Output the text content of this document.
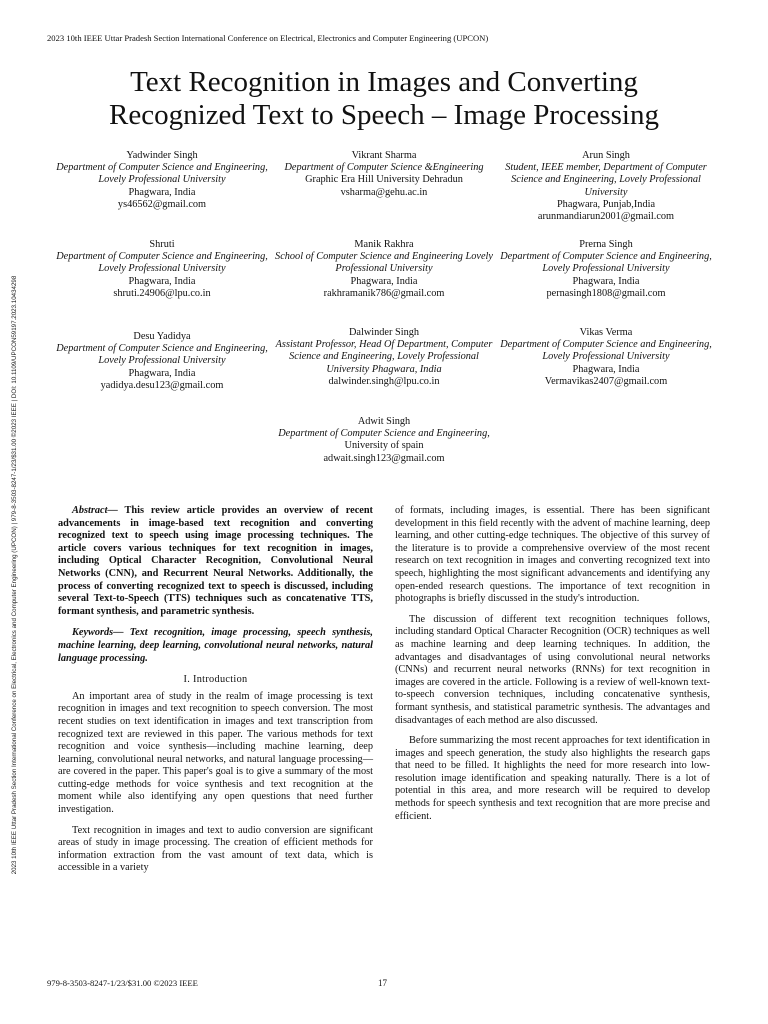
2023 10th IEEE Uttar Pradesh Section International Conference on Electrical, Electronics and Computer Engineering (UPCON)
2023 10th IEEE Uttar Pradesh Section International Conference on Electrical, Electronics and Computer Engineering (UPCON) | 979-8-3503-8247-1/23/$31.00 ©2023 IEEE | DOI: 10.1109/UPCON59197.2023.10434298
Text Recognition in Images and Converting
Recognized Text to Speech – Image Processing
Yadwinder Singh
Department of Computer Science and Engineering, Lovely Professional University
Phagwara, India
ys46562@gmail.com
Vikrant Sharma
Department of Computer Science &Engineering
Graphic Era Hill University Dehradun
vsharma@gehu.ac.in
Arun Singh
Student, IEEE member, Department of Computer Science and Engineering, Lovely Professional University
Phagwara, Punjab,India
arunmandiarun2001@gmail.com
Shruti
Department of Computer Science and Engineering, Lovely Professional University
Phagwara, India
shruti.24906@lpu.co.in
Manik Rakhra
School of Computer Science and Engineering Lovely Professional University
Phagwara, India
rakhramanik786@gmail.com
Prerna Singh
Department of Computer Science and Engineering, Lovely Professional University
Phagwara, India
pernasingh1808@gmail.com
Desu Yadidya
Department of Computer Science and Engineering, Lovely Professional University
Phagwara, India
yadidya.desu123@gmail.com
Dalwinder Singh
Assistant Professor, Head Of Department, Computer Science and Engineering, Lovely Professional University Phagwara, India
dalwinder.singh@lpu.co.in
Vikas Verma
Department of Computer Science and Engineering, Lovely Professional University
Phagwara, India
Vermavikas2407@gmail.com
Adwit Singh
Department of Computer Science and Engineering,
University of spain
adwait.singh123@gmail.com

Abstract— This review article provides an overview of recent advancements in image-based text recognition and converting recognized text to speech using image processing techniques. The article covers various techniques for text recognition in images, including Optical Character Recognition, Convolutional Neural Networks (CNN), and Recurrent Neural Networks. Additionally, the process of converting recognized text to speech is discussed, including several Text-to-Speech (TTS) techniques such as concatenative TTS, formant synthesis, and parametric synthesis.

Keywords— Text recognition, image processing, speech synthesis, machine learning, deep learning, convolutional neural networks, natural language processing.

I. Introduction

An important area of study in the realm of image processing is text recognition in images and text recognition to speech conversion. The most recent studies on text identification in images and text transcription from recognized text are reviewed in this paper. The various methods for text recognition and voice synthesis—including machine learning, deep learning, convolutional neural networks, and natural language processing—are covered in the paper. This paper's goal is to give a summary of the most cutting-edge methods for voice synthesis and text recognition at the moment while also identifying any open questions that need further investigation.

Text recognition in images and text to audio conversion are significant areas of study in image processing. The creation of efficient methods for information extraction from the vast amount of text data, which is accessible in a variety

of formats, including images, is essential. There has been significant development in this field recently with the advent of machine learning, deep learning, and other cutting-edge techniques. The objective of this survey of the literature is to provide a comprehensive overview of the most recent research on text recognition in images and converting recognized text into speech, highlighting the most significant advancements and identifying any open-ended research questions. The importance of text recognition in photographs is briefly discussed in the study's introduction.

The discussion of different text recognition techniques follows, including standard Optical Character Recognition (OCR) techniques as well as machine learning and deep learning techniques. In addition, the advantages and disadvantages of using convolutional neural networks (CNNs) and recurrent neural networks (RNNs) for text recognition in images are covered in the article. Following is a review of well-known text-to-speech conversion techniques, including concatenative synthesis, formant synthesis, and statistical parametric synthesis. The advantages and disadvantages of each method are also discussed.

Before summarizing the most recent approaches for text identification in images and speech generation, the study also highlights the research gaps that need to be filled. It highlights the need for more research into low-resolution image identification and speaking naturally. There is a lot of potential in this area, and more research will be required to develop methods for speech synthesis and text recognition that are more precise and efficient.

979-8-3503-8247-1/23/$31.00 ©2023 IEEE	17
